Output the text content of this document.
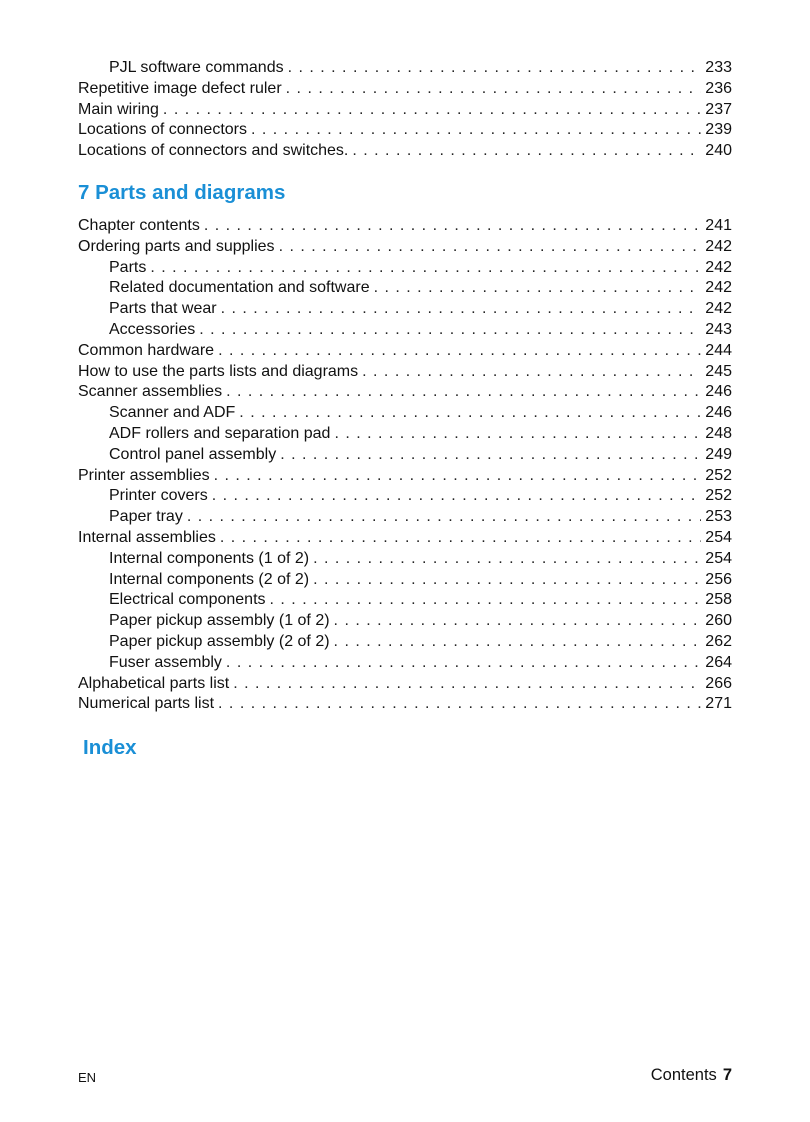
PJL software commands . . .	233
Repetitive image defect ruler . . .	236
Main wiring . . .	237
Locations of connectors . . .	239
Locations of connectors and switches. . . .	240
7 Parts and diagrams
Chapter contents . . .	241
Ordering parts and supplies . . .	242
Parts . . .	242
Related documentation and software . . .	242
Parts that wear . . .	242
Accessories . . .	243
Common hardware . . .	244
How to use the parts lists and diagrams . . .	245
Scanner assemblies . . .	246
Scanner and ADF . . .	246
ADF rollers and separation pad . . .	248
Control panel assembly . . .	249
Printer assemblies . . .	252
Printer covers . . .	252
Paper tray . . .	253
Internal assemblies . . .	254
Internal components (1 of 2) . . .	254
Internal components (2 of 2) . . .	256
Electrical components . . .	258
Paper pickup assembly (1 of 2) . . .	260
Paper pickup assembly (2 of 2) . . .	262
Fuser assembly . . .	264
Alphabetical parts list . . .	266
Numerical parts list . . .	271
Index
EN	Contents 7
